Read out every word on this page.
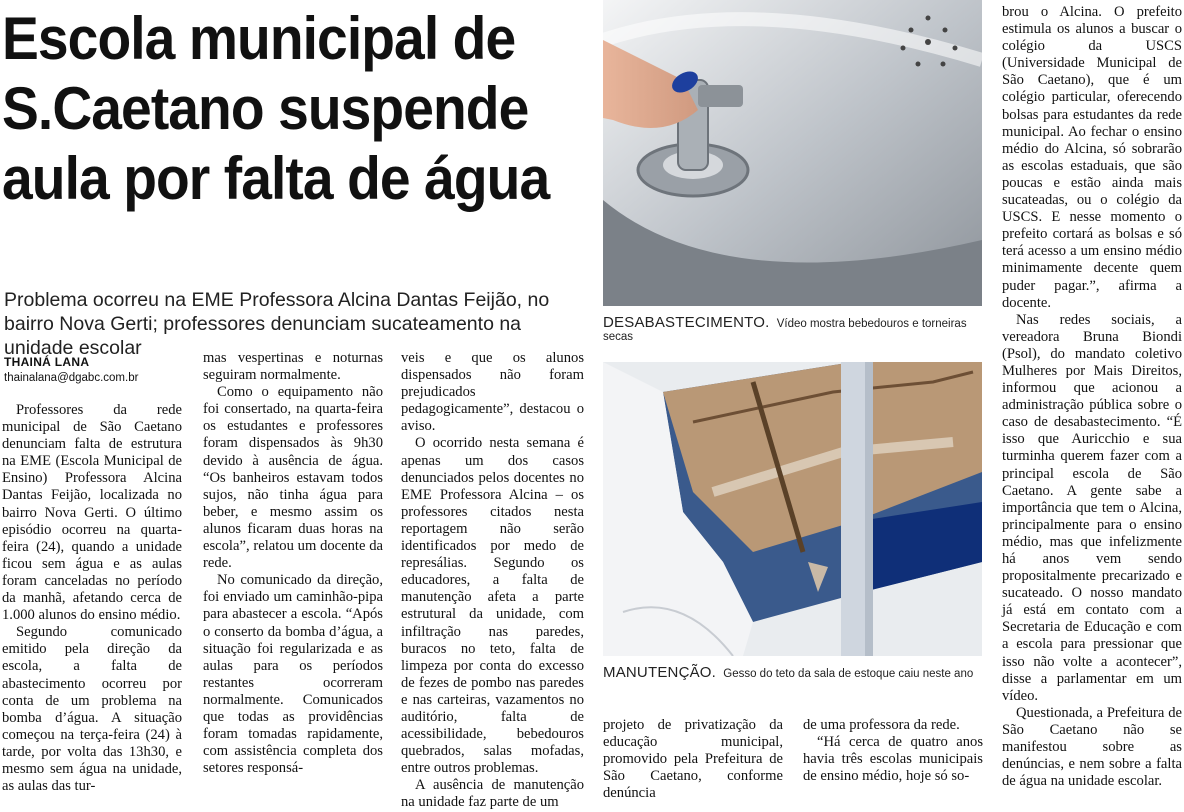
Escola municipal de
S.Caetano suspende
aula por falta de água
Problema ocorreu na EME Professora Alcina Dantas Feijão, no bairro Nova Gerti; professores denunciam sucateamento na unidade escolar
THAINÁ LANA
thainalana@dgabc.com.br

Professores da rede municipal de São Caetano denunciam falta de estrutura na EME (Escola Municipal de Ensino) Professora Alcina Dantas Feijão, localizada no bairro Nova Gerti. O último episódio ocorreu na quarta-feira (24), quando a unidade ficou sem água e as aulas foram canceladas no período da manhã, afetando cerca de 1.000 alunos do ensino médio.

Segundo comunicado emitido pela direção da escola, a falta de abastecimento ocorreu por conta de um problema na bomba d’água. A situação começou na terça-feira (24) à tarde, por volta das 13h30, e mesmo sem água na unidade, as aulas das tur-

mas vespertinas e noturnas seguiram normalmente.

Como o equipamento não foi consertado, na quarta-feira os estudantes e professores foram dispensados às 9h30 devido à ausência de água. “Os banheiros estavam todos sujos, não tinha água para beber, e mesmo assim os alunos ficaram duas horas na escola”, relatou um docente da rede.

No comunicado da direção, foi enviado um caminhão-pipa para abastecer a escola. “Após o conserto da bomba d’água, a situação foi regularizada e as aulas para os períodos restantes ocorreram normalmente. Comunicados que todas as providências foram tomadas rapidamente, com assistência completa dos setores responsá-

veis e que os alunos dispensados não foram prejudicados pedagogicamente”, destacou o aviso.

O ocorrido nesta semana é apenas um dos casos denunciados pelos docentes no EME Professora Alcina – os professores citados nesta reportagem não serão identificados por medo de represálias. Segundo os educadores, a falta de manutenção afeta a parte estrutural da unidade, com infiltração nas paredes, buracos no teto, falta de limpeza por conta do excesso de fezes de pombo nas paredes e nas carteiras, vazamentos no auditório, falta de acessibilidade, bebedouros quebrados, salas mofadas, entre outros problemas.

A ausência de manutenção na unidade faz parte de um

DESABASTECIMENTO. Vídeo mostra bebedouros e torneiras secas
MANUTENÇÃO. Gesso do teto da sala de estoque caiu neste ano

projeto de privatização da educação municipal, promovido pela Prefeitura de São Caetano, conforme denúncia

de uma professora da rede.

“Há cerca de quatro anos havia três escolas municipais de ensino médio, hoje só so-

brou o Alcina. O prefeito estimula os alunos a buscar o colégio da USCS (Universidade Municipal de São Caetano), que é um colégio particular, oferecendo bolsas para estudantes da rede municipal. Ao fechar o ensino médio do Alcina, só sobrarão as escolas estaduais, que são poucas e estão ainda mais sucateadas, ou o colégio da USCS. E nesse momento o prefeito cortará as bolsas e só terá acesso a um ensino médio minimamente decente quem puder pagar.”, afirma a docente.

Nas redes sociais, a vereadora Bruna Biondi (Psol), do mandato coletivo Mulheres por Mais Direitos, informou que acionou a administração pública sobre o caso de desabastecimento. “É isso que Auricchio e sua turminha querem fazer com a principal escola de São Caetano. A gente sabe a importância que tem o Alcina, principalmente para o ensino médio, mas que infelizmente há anos vem sendo propositalmente precarizado e sucateado. O nosso mandato já está em contato com a Secretaria de Educação e com a escola para pressionar que isso não volte a acontecer”, disse a parlamentar em um vídeo.

Questionada, a Prefeitura de São Caetano não se manifestou sobre as denúncias, e nem sobre a falta de água na unidade escolar.
